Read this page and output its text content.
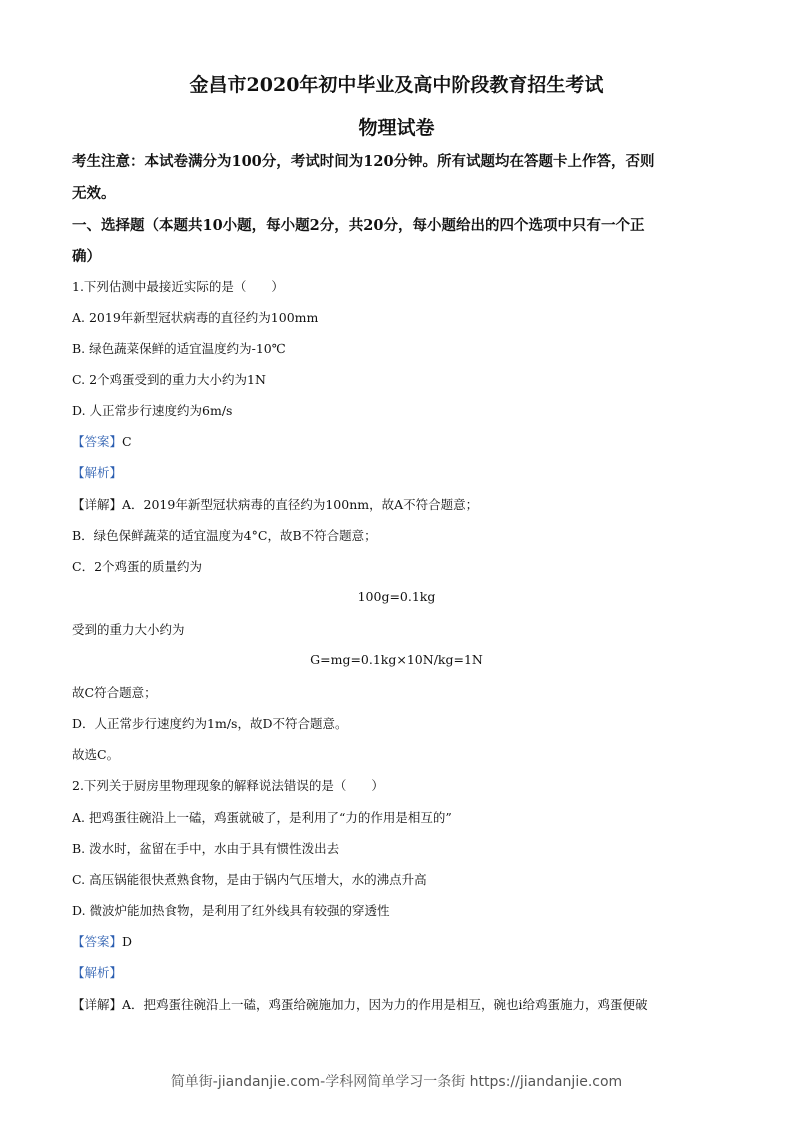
金昌市2020年初中毕业及高中阶段教育招生考试
物理试卷
考生注意：本试卷满分为100分，考试时间为120分钟。所有试题均在答题卡上作答，否则
无效。
一、选择题（本题共10小题，每小题2分，共20分，每小题给出的四个选项中只有一个正
确）
1.下列估测中最接近实际的是（　　）
A. 2019年新型冠状病毒的直径约为100mm
B. 绿色蔬菜保鲜的适宜温度约为-10℃
C. 2个鸡蛋受到的重力大小约为1N
D. 人正常步行速度约为6m/s
【答案】C
【解析】
【详解】A．2019年新型冠状病毒的直径约为100nm，故A不符合题意；
B．绿色保鲜蔬菜的适宜温度为4°C，故B不符合题意；
C．2个鸡蛋的质量约为
100g=0.1kg
受到的重力大小约为
G=mg=0.1kg×10N/kg=1N
故C符合题意；
D．人正常步行速度约为1m/s，故D不符合题意。
故选C。
2.下列关于厨房里物理现象的解释说法错误的是（　　）
A. 把鸡蛋往碗沿上一磕，鸡蛋就破了，是利用了“力的作用是相互的”
B. 泼水时，盆留在手中，水由于具有惯性泼出去
C. 高压锅能很快煮熟食物，是由于锅内气压增大，水的沸点升高
D. 微波炉能加热食物，是利用了红外线具有较强的穿透性
【答案】D
【解析】
【详解】A．把鸡蛋往碗沿上一磕，鸡蛋给碗施加力，因为力的作用是相互，碗也i给鸡蛋施力，鸡蛋便破
简单街-jiandanjie.com-学科网简单学习一条街 https://jiandanjie.com
